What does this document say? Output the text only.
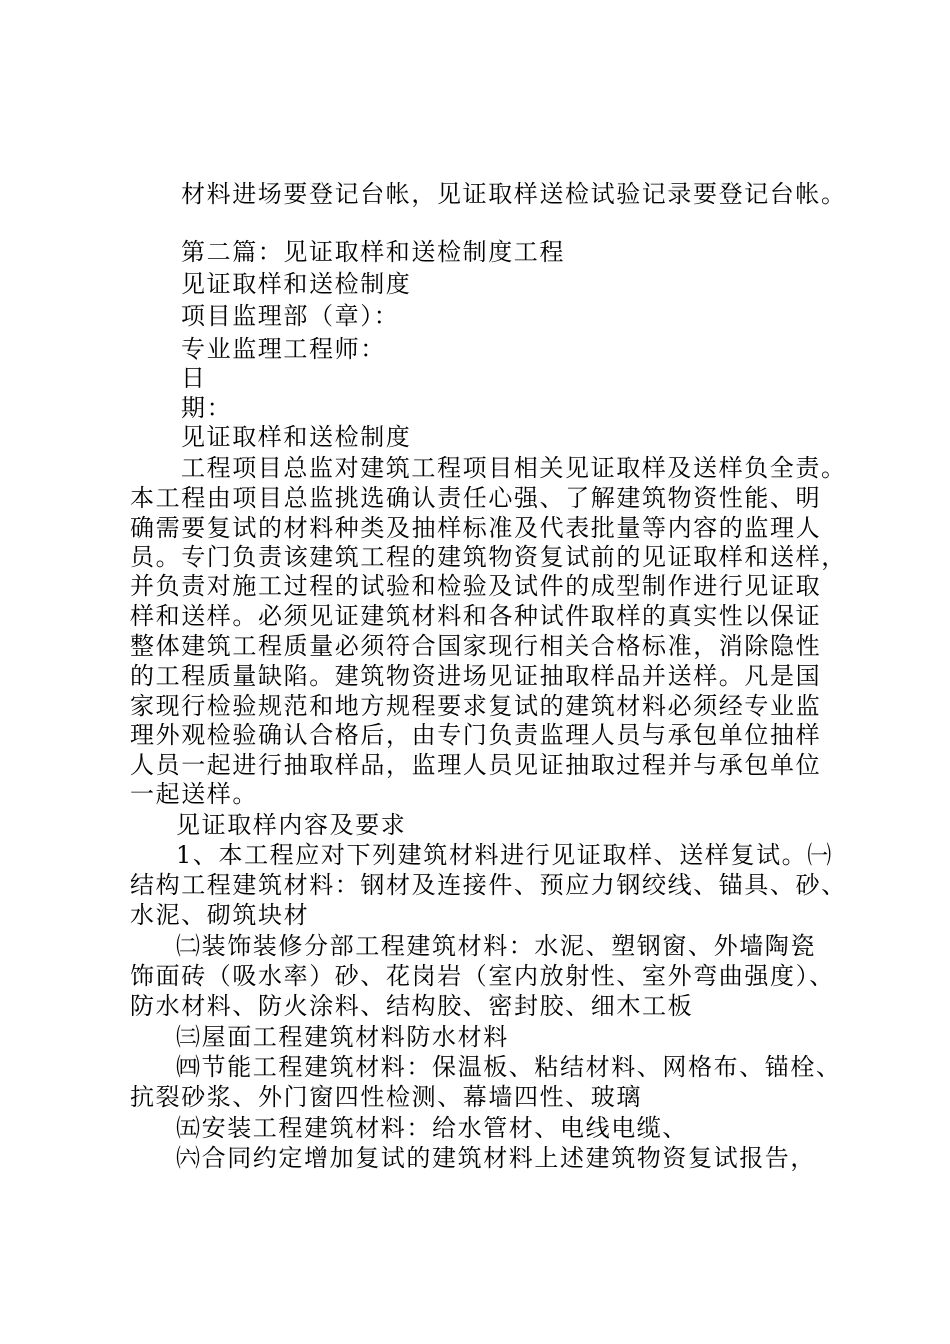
材料进场要登记台帐，见证取样送检试验记录要登记台帐。
第二篇：见证取样和送检制度工程
见证取样和送检制度
项目监理部（章）：
专业监理工程师：
日
期：
见证取样和送检制度
工程项目总监对建筑工程项目相关见证取样及送样负全责。
本工程由项目总监挑选确认责任心强、了解建筑物资性能、明
确需要复试的材料种类及抽样标准及代表批量等内容的监理人
员。专门负责该建筑工程的建筑物资复试前的见证取样和送样，
并负责对施工过程的试验和检验及试件的成型制作进行见证取
样和送样。必须见证建筑材料和各种试件取样的真实性以保证
整体建筑工程质量必须符合国家现行相关合格标准，消除隐性
的工程质量缺陷。建筑物资进场见证抽取样品并送样。凡是国
家现行检验规范和地方规程要求复试的建筑材料必须经专业监
理外观检验确认合格后，由专门负责监理人员与承包单位抽样
人员一起进行抽取样品，监理人员见证抽取过程并与承包单位
一起送样。
见证取样内容及要求
1、本工程应对下列建筑材料进行见证取样、送样复试。㈠
结构工程建筑材料：钢材及连接件、预应力钢绞线、锚具、砂、
水泥、砌筑块材
㈡装饰装修分部工程建筑材料：水泥、塑钢窗、外墙陶瓷
饰面砖（吸水率）砂、花岗岩（室内放射性、室外弯曲强度）、
防水材料、防火涂料、结构胶、密封胶、细木工板
㈢屋面工程建筑材料防水材料
㈣节能工程建筑材料：保温板、粘结材料、网格布、锚栓、
抗裂砂浆、外门窗四性检测、幕墙四性、玻璃
㈤安装工程建筑材料：给水管材、电线电缆、
㈥合同约定增加复试的建筑材料上述建筑物资复试报告，
